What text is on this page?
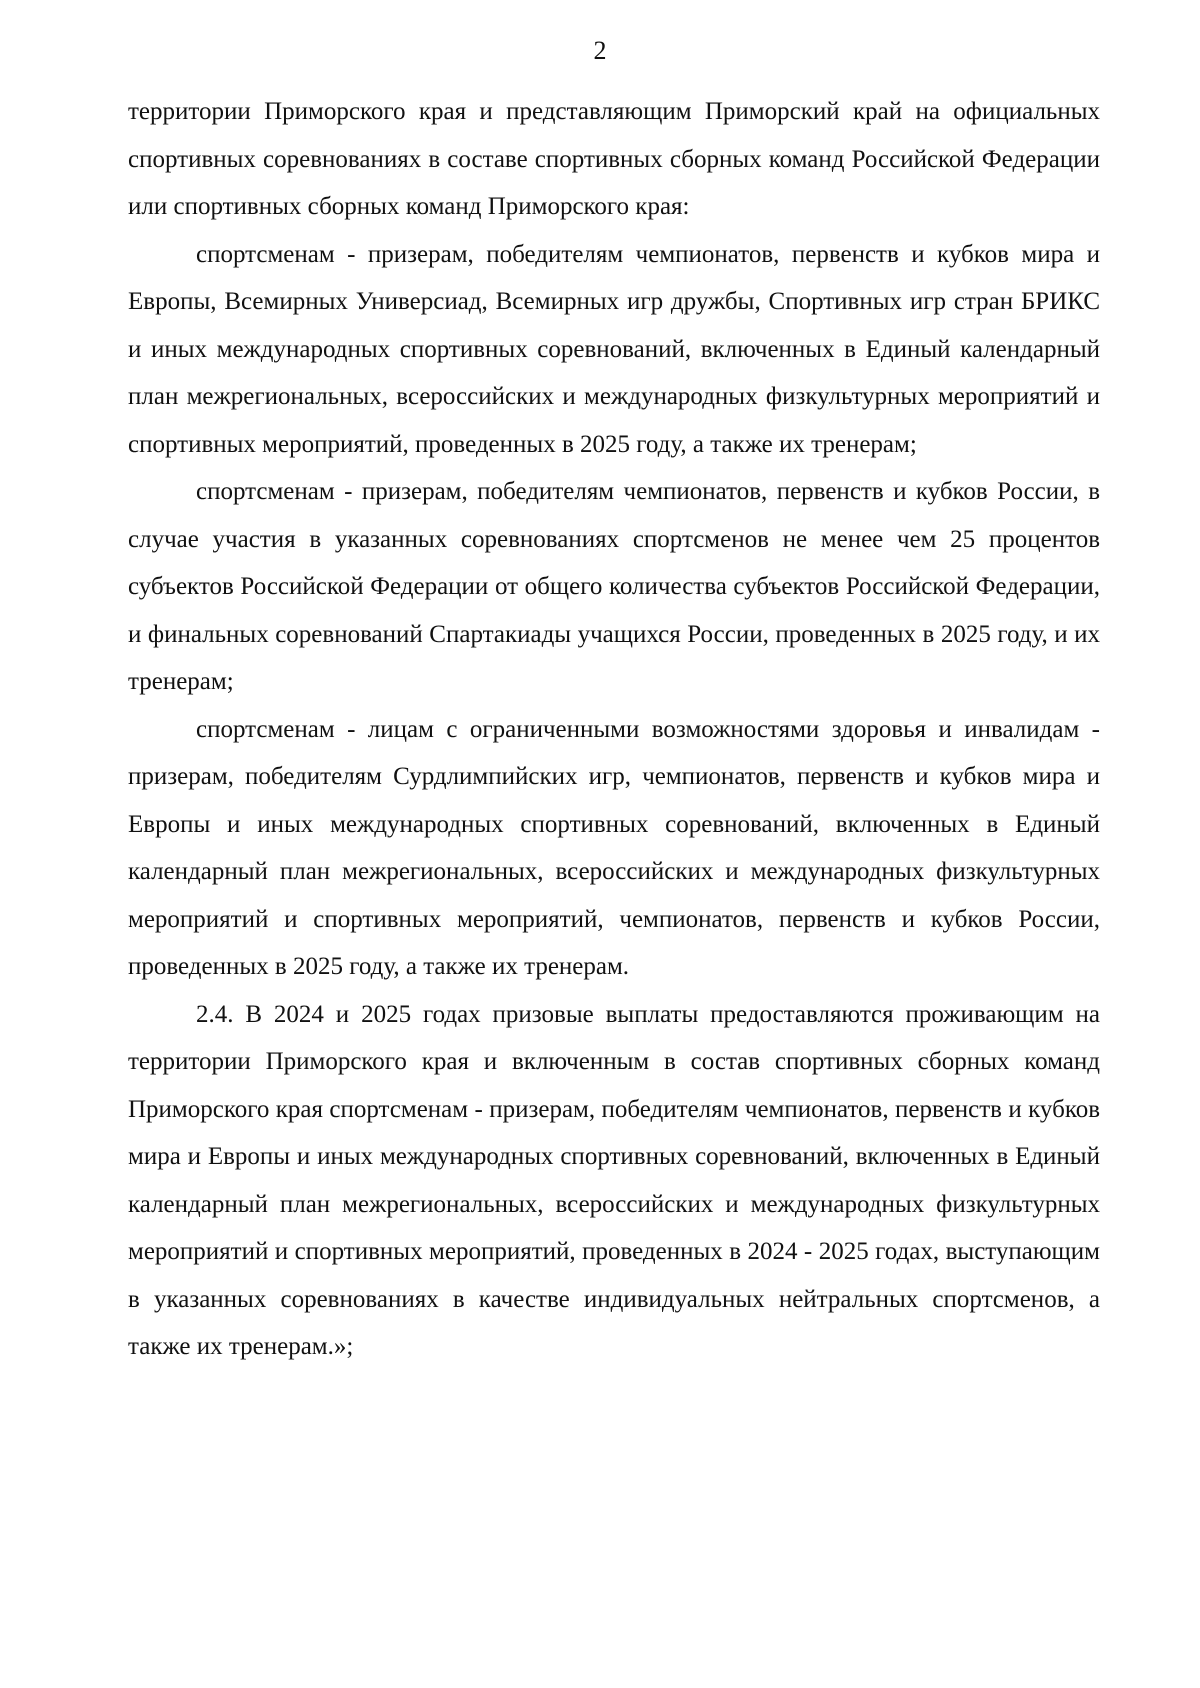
2

территории Приморского края и представляющим Приморский край на официальных спортивных соревнованиях в составе спортивных сборных команд Российской Федерации или спортивных сборных команд Приморского края:

спортсменам - призерам, победителям чемпионатов, первенств и кубков мира и Европы, Всемирных Универсиад, Всемирных игр дружбы, Спортивных игр стран БРИКС и иных международных спортивных соревнований, включенных в Единый календарный план межрегиональных, всероссийских и международных физкультурных мероприятий и спортивных мероприятий, проведенных в 2025 году, а также их тренерам;

спортсменам - призерам, победителям чемпионатов, первенств и кубков России, в случае участия в указанных соревнованиях спортсменов не менее чем 25 процентов субъектов Российской Федерации от общего количества субъектов Российской Федерации, и финальных соревнований Спартакиады учащихся России, проведенных в 2025 году, и их тренерам;

спортсменам - лицам с ограниченными возможностями здоровья и инвалидам - призерам, победителям Сурдлимпийских игр, чемпионатов, первенств и кубков мира и Европы и иных международных спортивных соревнований, включенных в Единый календарный план межрегиональных, всероссийских и международных физкультурных мероприятий и спортивных мероприятий, чемпионатов, первенств и кубков России, проведенных в 2025 году, а также их тренерам.

2.4. В 2024 и 2025 годах призовые выплаты предоставляются проживающим на территории Приморского края и включенным в состав спортивных сборных команд Приморского края спортсменам - призерам, победителям чемпионатов, первенств и кубков мира и Европы и иных международных спортивных соревнований, включенных в Единый календарный план межрегиональных, всероссийских и международных физкультурных мероприятий и спортивных мероприятий, проведенных в 2024 - 2025 годах, выступающим в указанных соревнованиях в качестве индивидуальных нейтральных спортсменов, а также их тренерам.»;
